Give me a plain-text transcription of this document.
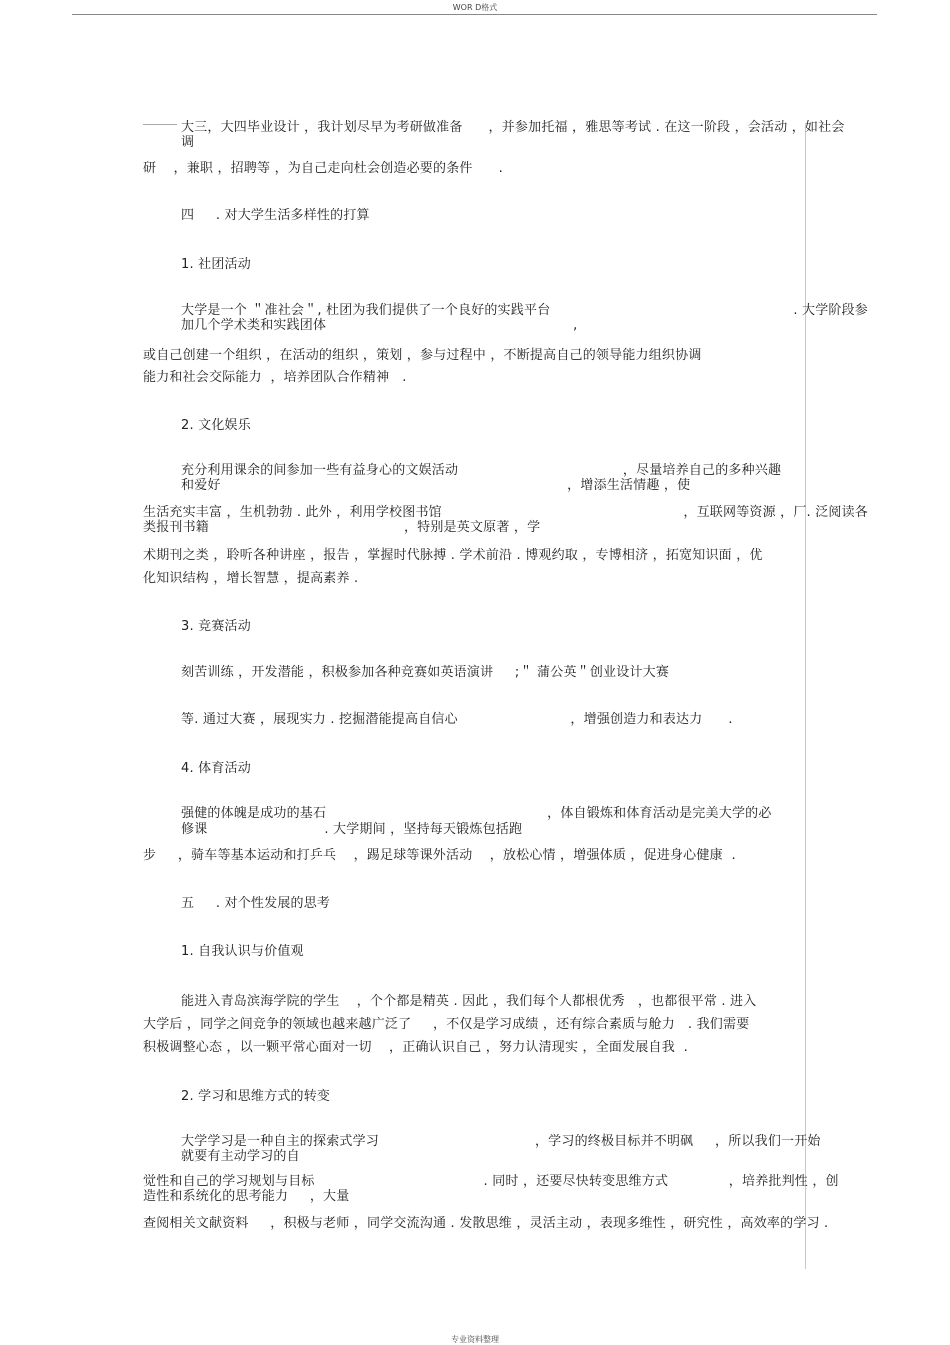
WOR D格式
大三，大四毕业设计 ，我计划尽早为考研做准备      ，并参加托福 ，雅思等考试 . 在这一阶段 ，会活动 ，如社会
调
研    ，兼职 ，招聘等 ，为自己走向杜会创造必要的条件      .
四     . 对大学生活多样性的打算
1. 社团活动
大学是一个 ＂准社会＂, 杜团为我们提供了一个良好的实践平台	. 大学阶段参
加几个学术类和实践团体                                                         ,
或自己创建一个组织 ，在活动的组织 ，策划 ，参与过程中 ，不断提高自己的领导能力组织协调
能力和社会交际能力  ，培养团队合作精神   .
2. 文化娱乐
充分利用课余的间参加一些有益身心的文娱活动                                      ，尽量培养自己的多种兴趣
和爱好                                                                                ，增添生活情趣 ，使
生活充实丰富 ，生机勃勃 . 此外 ，利用学校图书馆	，互联网等资源 ，厂. 泛阅读各
类报刊书籍                                             ，特别是英文原著 ，学
术期刊之类 ，聆听各种讲座 ，报告 ，掌握时代脉搏 . 学术前沿 . 博观约取 ，专博相济 ，拓宽知识面 ，优
化知识结构 ，增长智慧 ，提高素养 .
3. 竞赛活动
刻苦训练 ，开发潜能 ，积极参加各种竞赛如英语演讲     ;＂ 蒲公英＂创业设计大赛
等. 通过大赛 ，展现实力 . 挖掘潜能提高自信心                          ，增强创造力和表达力      .
4. 体育活动
强健的体魄是成功的基石                                                   ，体自锻炼和体育活动是完美大学的必
修课                           . 大学期间 ，坚持每天锻炼包括跑
步     ，骑车等基本运动和打乒乓    ，踢足球等课外活动    ，放松心情 ，增强体质 ，促进身心健康  .
五     . 对个性发展的思考
1. 自我认识与价值观
能进入青岛滨海学院的学生    ，个个都是精英 . 因此 ，我们每个人都根优秀   ，也都很平常 . 进入
大学后 ，同学之间竞争的领域也越来越广泛了     ，不仅是学习成绩 ，还有综合素质与舱力   . 我们需要
积极调整心态 ，以一颗平常心面对一切    ，正确认识自己 ，努力认清现实 ，全面发展自我  .
2. 学习和思维方式的转变
大学学习是一种自主的探索式学习                                    ，学习的终极目标并不明砜     ，所以我们一开始
就要有主动学习的自
觉性和自己的学习规划与目标                                       . 同时 ，还要尽快转变思维方式              ，培养批判性 ，创
造性和系统化的思考能力     ，大量
查阅相关文献资料     ，积极与老师 ，同学交流沟通 . 发散思维 ，灵活主动 ，表现多维性 ，研究性 ，高效率的学习 .
专业资料整理
